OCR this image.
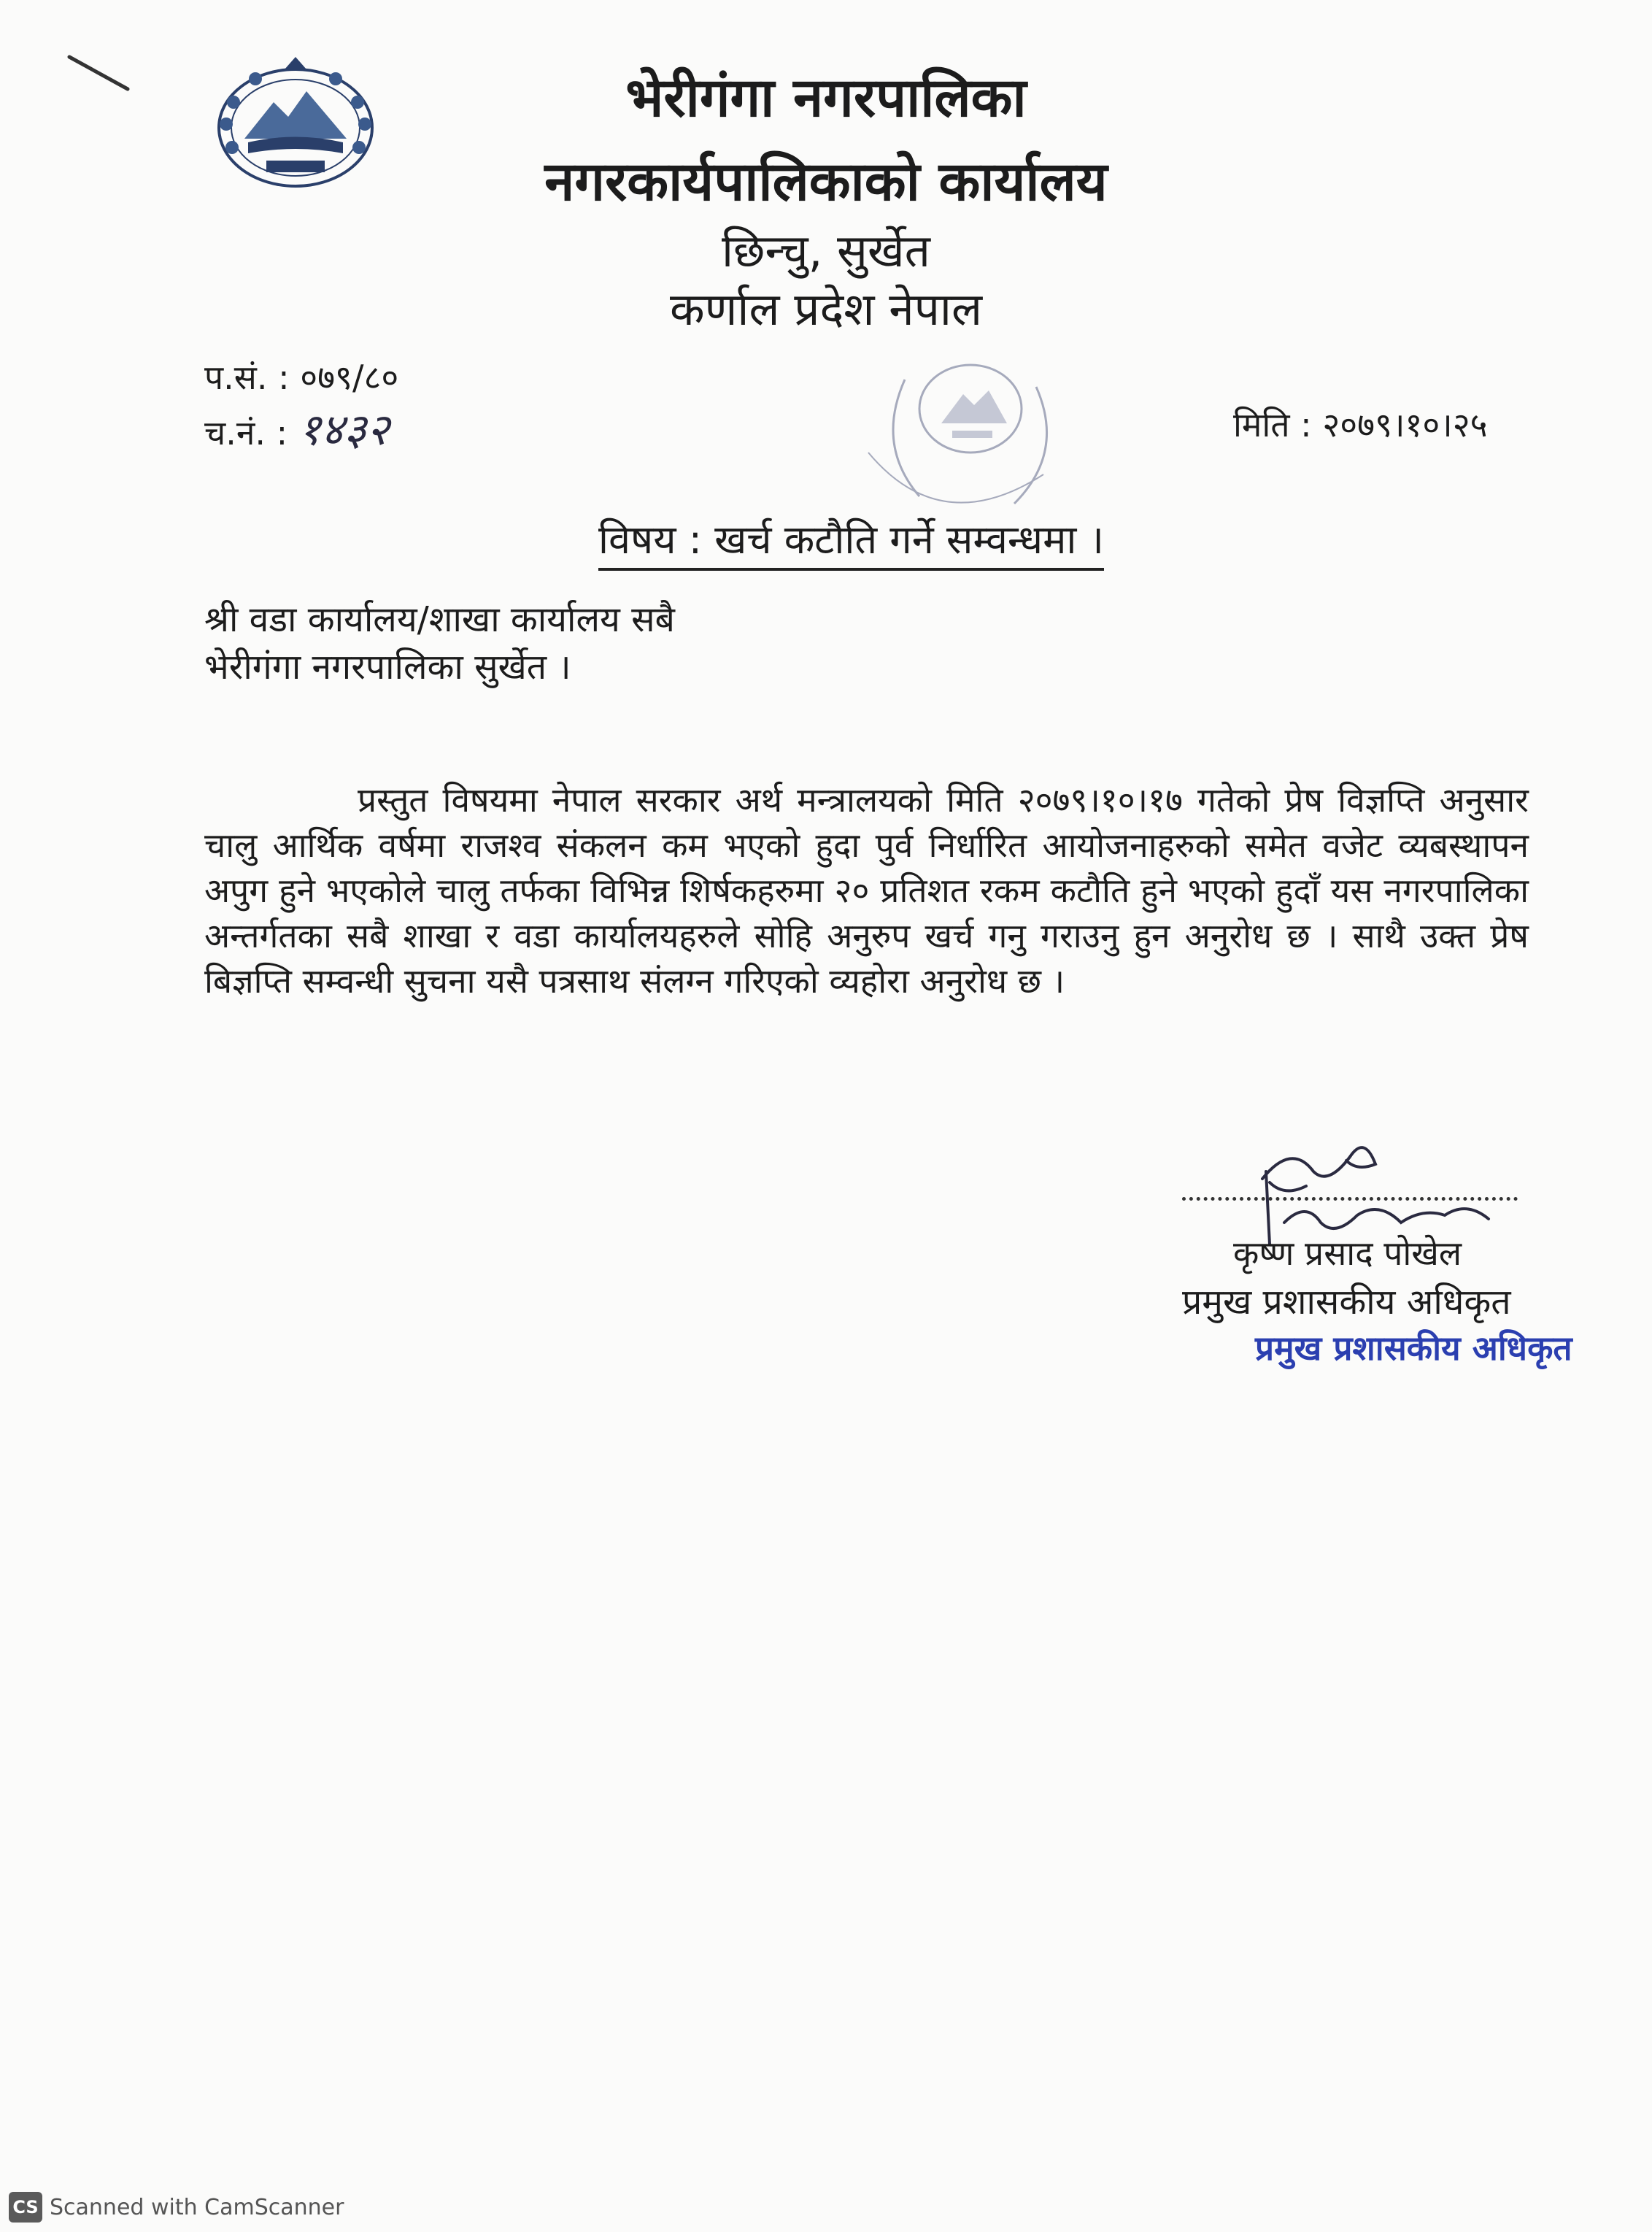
भेरीगंगा नगरपालिका
नगरकार्यपालिकाको कार्यालय
छिन्चु, सुर्खेत
कर्णाल प्रदेश नेपाल
प.सं. : ०७९/८०
च.नं. : १४३२	मिति : २०७९।१०।२५
विषय : खर्च कटौति गर्ने सम्वन्धमा ।
श्री वडा कार्यालय/शाखा कार्यालय सबै
भेरीगंगा नगरपालिका सुर्खेत ।
प्रस्तुत विषयमा नेपाल सरकार अर्थ मन्त्रालयको मिति २०७९।१०।१७ गतेको प्रेष विज्ञप्ति अनुसार चालु आर्थिक वर्षमा राजश्व संकलन कम भएको हुदा पुर्व निर्धारित आयोजनाहरुको समेत वजेट व्यबस्थापन अपुग हुने भएकोले चालु तर्फका विभिन्न शिर्षकहरुमा २० प्रतिशत रकम कटौति हुने भएको हुदाँ यस नगरपालिका अन्तर्गतका सबै शाखा र वडा कार्यालयहरुले सोहि अनुरुप खर्च गनु गराउनु हुन अनुरोध छ । साथै उक्त प्रेष बिज्ञप्ति सम्वन्धी सुचना यसै पत्रसाथ संलग्न गरिएको व्यहोरा अनुरोध छ ।
कृष्ण प्रसाद पोखेल
प्रमुख प्रशासकीय अधिकृत
प्रमुख प्रशासकीय अधिकृत
CS Scanned with CamScanner
